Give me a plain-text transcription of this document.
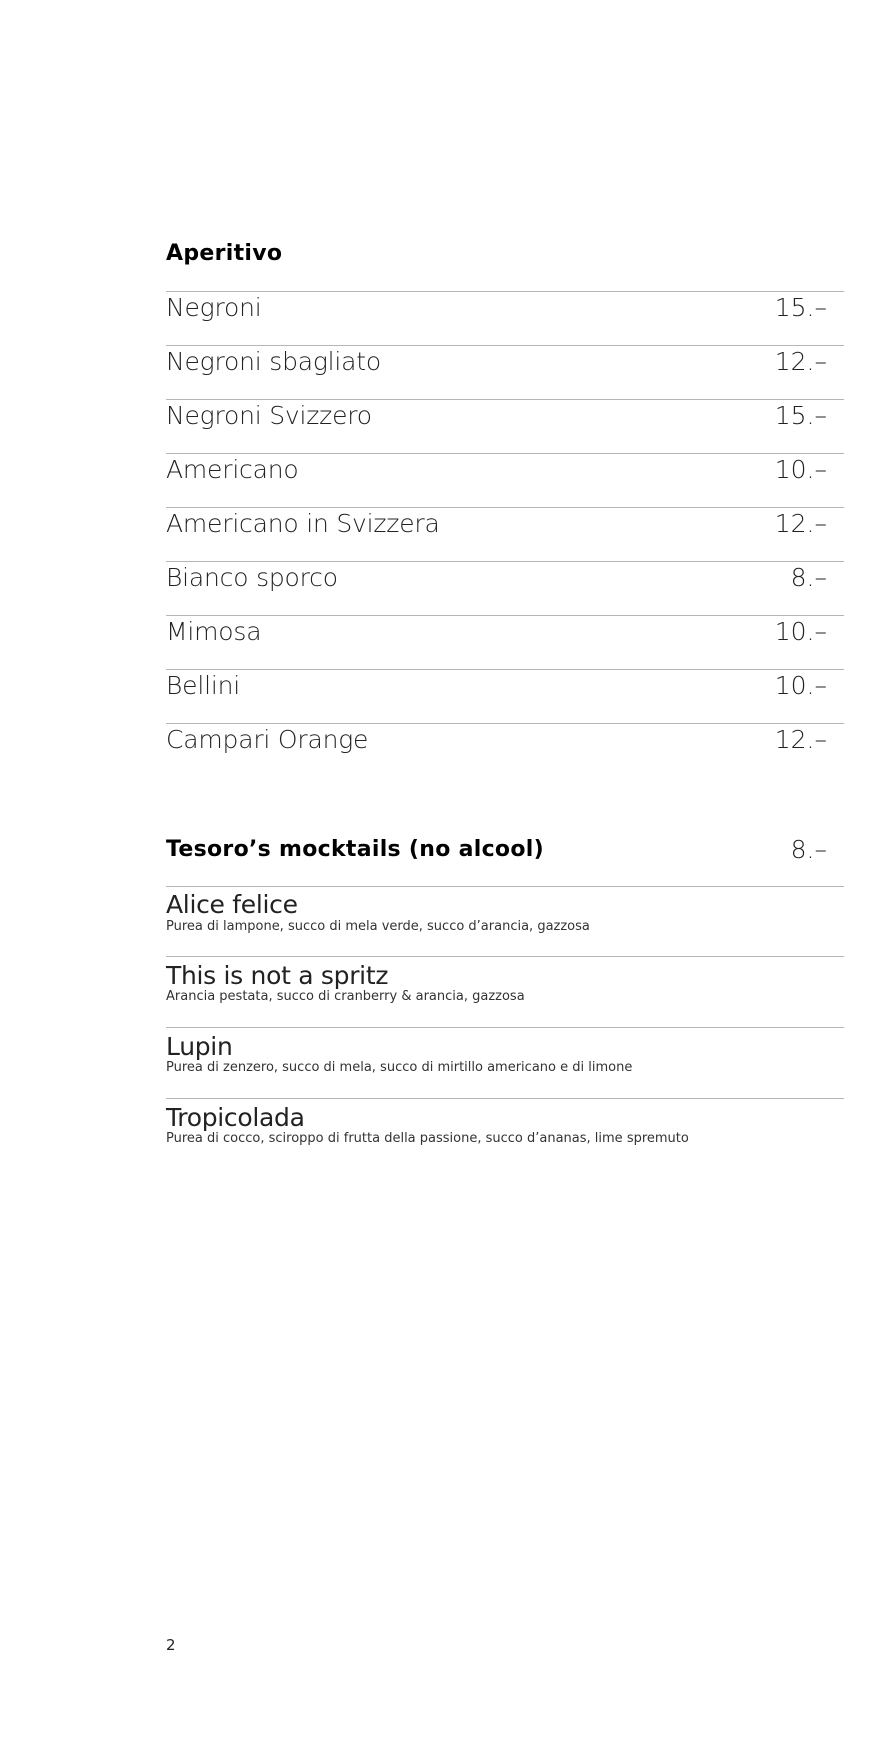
Aperitivo
Negroni	15.–
Negroni sbagliato	12.–
Negroni Svizzero	15.–
Americano	10.–
Americano in Svizzera	12.–
Bianco sporco	8.–
Mimosa	10.–
Bellini	10.–
Campari Orange	12.–
Tesoro’s mocktails (no alcool)	8.–
Alice felice
Purea di lampone, succo di mela verde, succo d’arancia, gazzosa
This is not a spritz
Arancia pestata, succo di cranberry & arancia, gazzosa
Lupin
Purea di zenzero, succo di mela, succo di mirtillo americano e di limone
Tropicolada
Purea di cocco, sciroppo di frutta della passione, succo d’ananas, lime spremuto
2
